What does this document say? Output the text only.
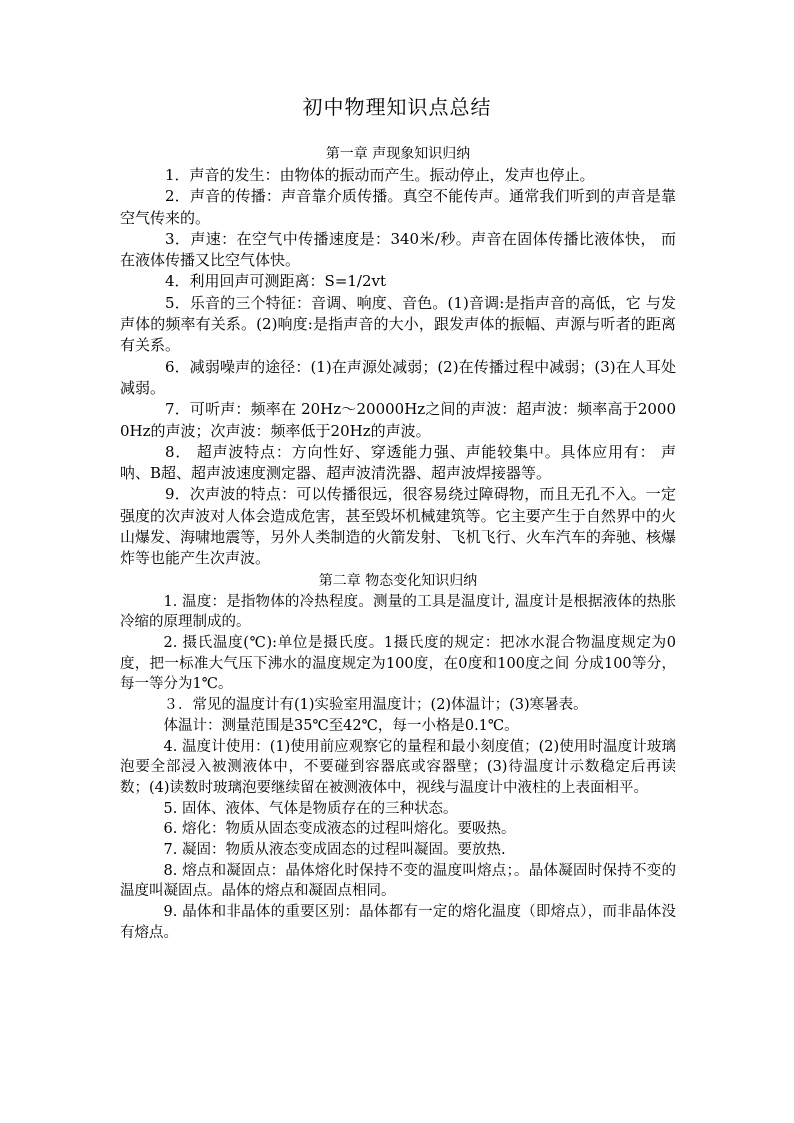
初中物理知识点总结
第一章 声现象知识归纳

1．声音的发生：由物体的振动而产生。振动停止，发声也停止。

2．声音的传播：声音靠介质传播。真空不能传声。通常我们听到的声音是靠空气传来的。

3．声速：在空气中传播速度是：340米/秒。声音在固体传播比液体快， 而在液体传播又比空气体快。

4．利用回声可测距离：S=1/2vt

5．乐音的三个特征：音调、响度、音色。(1)音调:是指声音的高低，它 与发声体的频率有关系。(2)响度:是指声音的大小，跟发声体的振幅、声源与听者的距离有关系。

6．减弱噪声的途径：(1)在声源处减弱；(2)在传播过程中减弱；(3)在人耳处减弱。

7．可听声：频率在 20Hz～20000Hz之间的声波：超声波：频率高于20000Hz的声波；次声波：频率低于20Hz的声波。

8． 超声波特点：方向性好、穿透能力强、声能较集中。具体应用有： 声呐、B超、超声波速度测定器、超声波清洗器、超声波焊接器等。

9．次声波的特点：可以传播很远，很容易绕过障碍物，而且无孔不入。一定强度的次声波对人体会造成危害，甚至毁坏机械建筑等。它主要产生于自然界中的火山爆发、海啸地震等，另外人类制造的火箭发射、飞机飞行、火车汽车的奔驰、核爆炸等也能产生次声波。

第二章 物态变化知识归纳

1. 温度：是指物体的冷热程度。测量的工具是温度计, 温度计是根据液体的热胀冷缩的原理制成的。

2. 摄氏温度(℃):单位是摄氏度。1摄氏度的规定：把冰水混合物温度规定为0度，把一标准大气压下沸水的温度规定为100度，在0度和100度之间 分成100等分，每一等分为1℃。

３．常见的温度计有(1)实验室用温度计；(2)体温计；(3)寒暑表。

体温计：测量范围是35℃至42℃，每一小格是0.1℃。

4. 温度计使用：(1)使用前应观察它的量程和最小刻度值；(2)使用时温度计玻璃泡要全部浸入被测液体中，不要碰到容器底或容器壁；(3)待温度计示数稳定后再读数；(4)读数时玻璃泡要继续留在被测液体中，视线与温度计中液柱的上表面相平。

5. 固体、液体、气体是物质存在的三种状态。

6. 熔化：物质从固态变成液态的过程叫熔化。要吸热。

7. 凝固：物质从液态变成固态的过程叫凝固。要放热.

8. 熔点和凝固点：晶体熔化时保持不变的温度叫熔点；。晶体凝固时保持不变的温度叫凝固点。晶体的熔点和凝固点相同。

9. 晶体和非晶体的重要区别：晶体都有一定的熔化温度（即熔点），而非晶体没有熔点。
